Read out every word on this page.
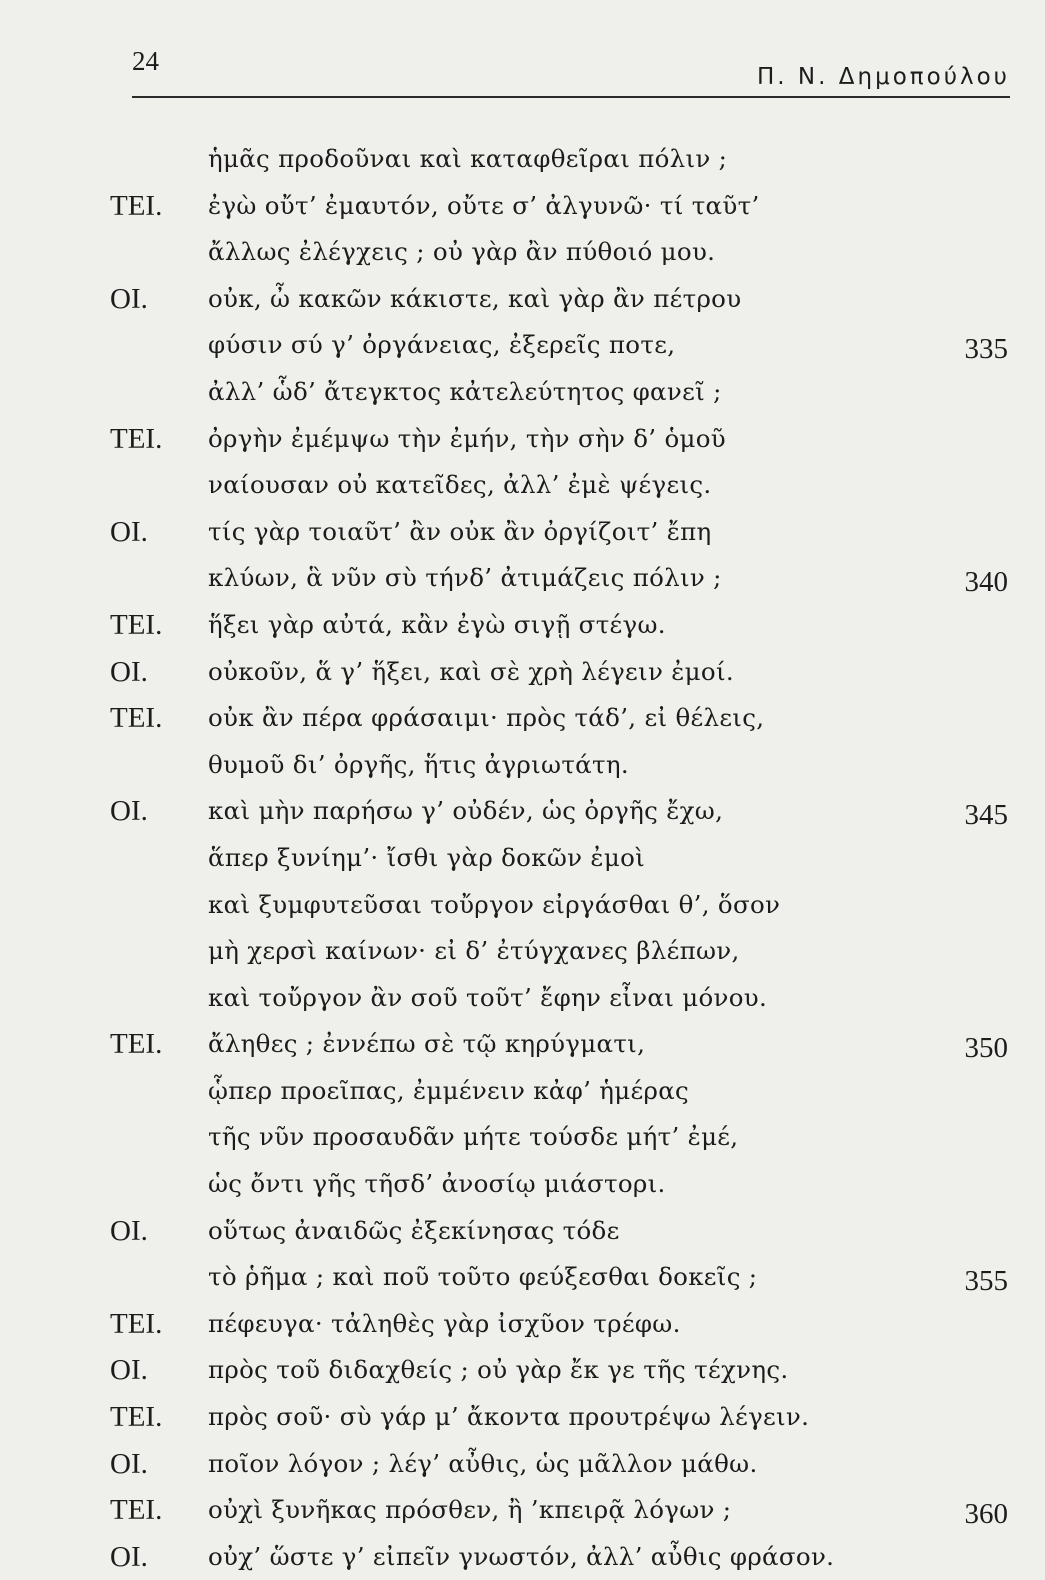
24
Π. Ν. Δημοπούλου
ἡμᾶς προδοῦναι καὶ καταφθεῖραι πόλιν ;
ΤΕΙ. ἐγὼ οὔτ’ ἐμαυτόν, οὔτε σ’ ἀλγυνῶ· τί ταῦτ’
ἄλλως ἐλέγχεις ; οὐ γὰρ ἂν πύθοιό μου.
ΟΙ. οὐκ, ὦ κακῶν κάκιστε, καὶ γὰρ ἂν πέτρου
φύσιν σύ γ’ ὀργάνειας, ἐξερεῖς ποτε,	335
ἀλλ’ ὧδ’ ἄτεγκτος κἀτελεύτητος φανεῖ ;
ΤΕΙ. ὀργὴν ἐμέμψω τὴν ἐμήν, τὴν σὴν δ’ ὁμοῦ
ναίουσαν οὐ κατεῖδες, ἀλλ’ ἐμὲ ψέγεις.
ΟΙ. τίς γὰρ τοιαῦτ’ ἂν οὐκ ἂν ὀργίζοιτ’ ἔπη
κλύων, ἃ νῦν σὺ τήνδ’ ἀτιμάζεις πόλιν ;	340
ΤΕΙ. ἥξει γὰρ αὐτά, κἂν ἐγὼ σιγῇ στέγω.
ΟΙ. οὐκοῦν, ἅ γ’ ἥξει, καὶ σὲ χρὴ λέγειν ἐμοί.
ΤΕΙ. οὐκ ἂν πέρα φράσαιμι· πρὸς τάδ’, εἰ θέλεις,
θυμοῦ δι’ ὀργῆς, ἥτις ἀγριωτάτη.
ΟΙ. καὶ μὴν παρήσω γ’ οὐδέν, ὡς ὀργῆς ἔχω,	345
ἅπερ ξυνίημ’· ἴσθι γὰρ δοκῶν ἐμοὶ
καὶ ξυμφυτεῦσαι τοὔργον εἰργάσθαι θ’, ὅσον
μὴ χερσὶ καίνων· εἰ δ’ ἐτύγχανες βλέπων,
καὶ τοὔργον ἂν σοῦ τοῦτ’ ἔφην εἶναι μόνου.
ΤΕΙ. ἄληθες ; ἐννέπω σὲ τῷ κηρύγματι,	350
ᾧπερ προεῖπας, ἐμμένειν κἀφ’ ἡμέρας
τῆς νῦν προσαυδᾶν μήτε τούσδε μήτ’ ἐμέ,
ὡς ὄντι γῆς τῆσδ’ ἀνοσίῳ μιάστορι.
ΟΙ. οὕτως ἀναιδῶς ἐξεκίνησας τόδε
τὸ ῥῆμα ; καὶ ποῦ τοῦτο φεύξεσθαι δοκεῖς ;	355
ΤΕΙ. πέφευγα· τἀληθὲς γὰρ ἰσχῦον τρέφω.
ΟΙ. πρὸς τοῦ διδαχθείς ; οὐ γὰρ ἔκ γε τῆς τέχνης.
ΤΕΙ. πρὸς σοῦ· σὺ γάρ μ’ ἄκοντα προυτρέψω λέγειν.
ΟΙ. ποῖον λόγον ; λέγ’ αὖθις, ὡς μᾶλλον μάθω.
ΤΕΙ. οὐχὶ ξυνῆκας πρόσθεν, ἢ ’κπειρᾷ λόγων ;	360
ΟΙ. οὐχ’ ὥστε γ’ εἰπεῖν γνωστόν, ἀλλ’ αὖθις φράσον.
